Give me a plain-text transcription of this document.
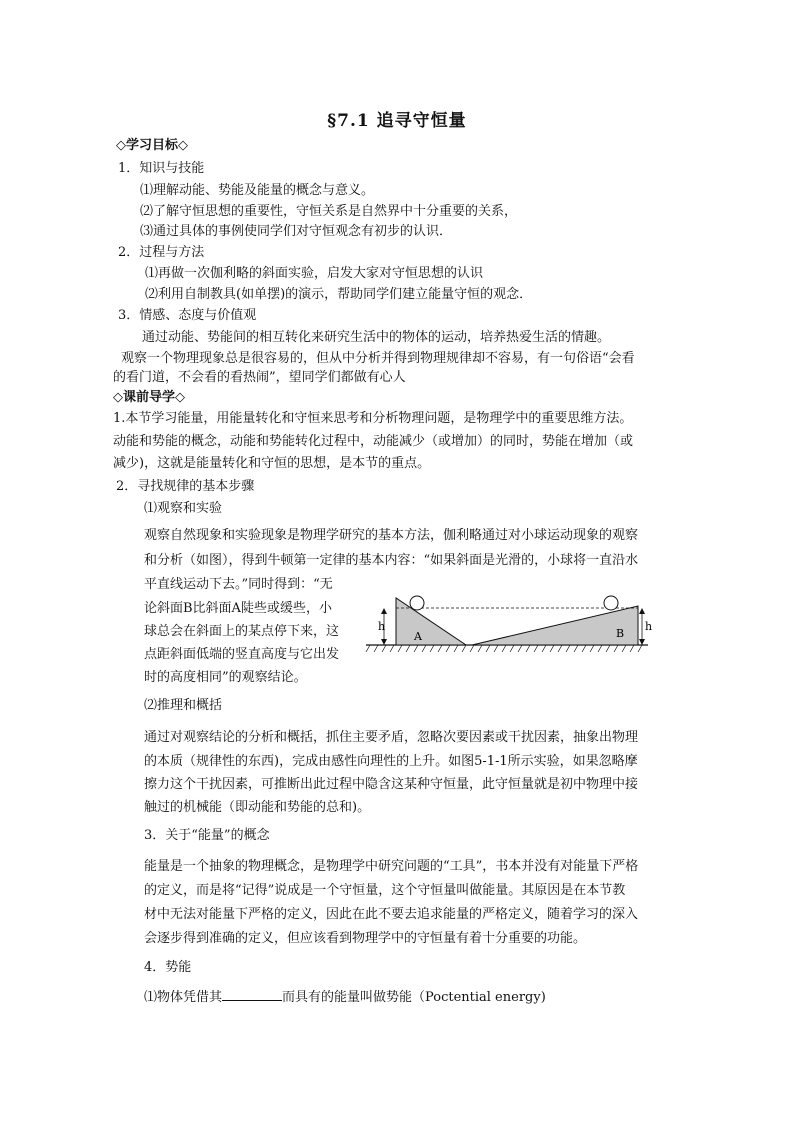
§7.1 追寻守恒量
◇学习目标◇
1．知识与技能
⑴理解动能、势能及能量的概念与意义。
⑵了解守恒思想的重要性，守恒关系是自然界中十分重要的关系，
⑶通过具体的事例使同学们对守恒观念有初步的认识．
2．过程与方法
⑴再做一次伽利略的斜面实验，启发大家对守恒思想的认识
⑵利用自制教具(如单摆)的演示，帮助同学们建立能量守恒的观念．
3．情感、态度与价值观
通过动能、势能间的相互转化来研究生活中的物体的运动，培养热爱生活的情趣。
观察一个物理现象总是很容易的，但从中分析并得到物理规律却不容易，有一句俗语“会看
的看门道，不会看的看热闹”，望同学们都做有心人
◇课前导学◇
1.本节学习能量，用能量转化和守恒来思考和分析物理问题，是物理学中的重要思维方法。
动能和势能的概念，动能和势能转化过程中，动能减少（或增加）的同时，势能在增加（或
减少)，这就是能量转化和守恒的思想，是本节的重点。
2．寻找规律的基本步骤
⑴观察和实验
观察自然现象和实验现象是物理学研究的基本方法，伽利略通过对小球运动现象的观察
和分析（如图），得到牛顿第一定律的基本内容：“如果斜面是光滑的，小球将一直沿水
平直线运动下去。”同时得到：“无
论斜面B比斜面A陡些或缓些，小
球总会在斜面上的某点停下来，这
点距斜面低端的竖直高度与它出发
时的高度相同”的观察结论。
h	h
A	B
⑵推理和概括
通过对观察结论的分析和概括，抓住主要矛盾，忽略次要因素或干扰因素，抽象出物理
的本质（规律性的东西)，完成由感性向理性的上升。如图5-1-1所示实验，如果忽略摩
擦力这个干扰因素，可推断出此过程中隐含这某种守恒量，此守恒量就是初中物理中接
触过的机械能（即动能和势能的总和)。
3．关于“能量”的概念
能量是一个抽象的物理概念，是物理学中研究问题的“工具”，书本并没有对能量下严格
的定义，而是将“记得”说成是一个守恒量，这个守恒量叫做能量。其原因是在本节教
材中无法对能量下严格的定义，因此在此不要去追求能量的严格定义，随着学习的深入
会逐步得到准确的定义，但应该看到物理学中的守恒量有着十分重要的功能。
4．势能
⑴物体凭借其	而具有的能量叫做势能（Poctential energy)
